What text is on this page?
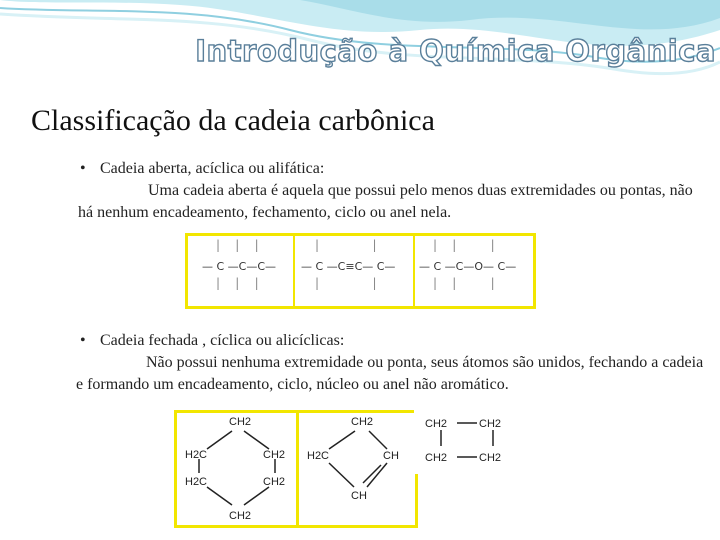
Introdução à Química Orgânica
Classificação da cadeia carbônica
• Cadeia aberta, acíclica ou alifática:
Uma cadeia aberta é aquela que possui pelo menos duas extremidades ou pontas, não há nenhum encadeamento, fechamento, ciclo ou anel nela.
|    |    |
— C —C—C—
|    |    |
|              |
— C —C≡C— C—
|              |
|    |         |
— C —C—O— C—
|    |         |
• Cadeia fechada , cíclica ou alicíclicas:
Não possui nenhuma extremidade ou ponta, seus átomos são unidos, fechando a cadeia e formando um encadeamento, ciclo, núcleo ou anel não aromático.
CH2
H2C	CH2
H2C	CH2
CH2
CH2
H2C	CH
CH
CH2	CH2
CH2	CH2
